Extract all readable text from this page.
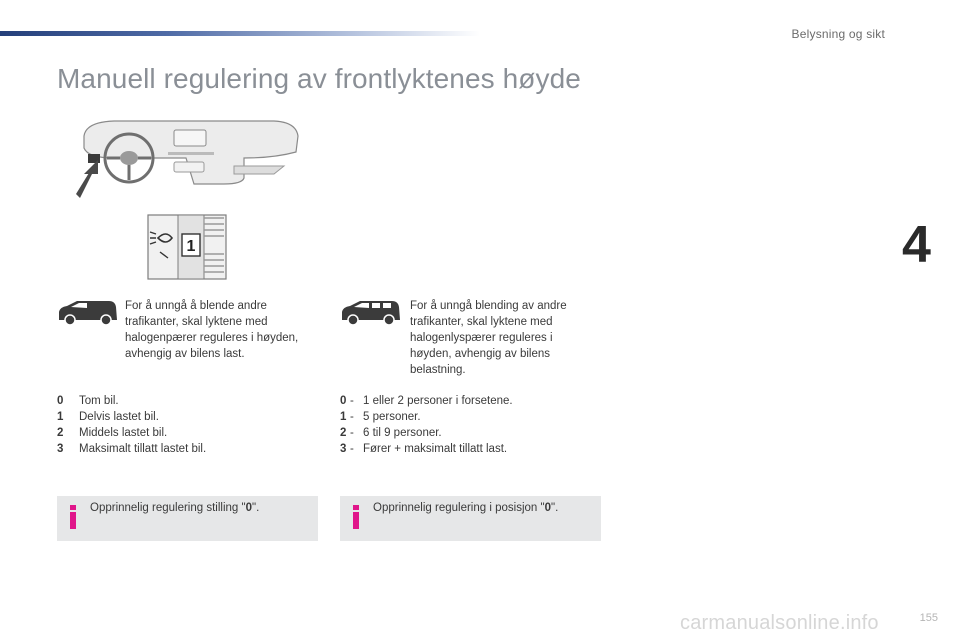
Belysning og sikt
Manuell regulering av frontlyktenes høyde
4
1
For å unngå å blende andre trafikanter, skal lyktene med halogenpærer reguleres i høyden, avhengig av bilens last.
For å unngå blending av andre trafikanter, skal lyktene med halogenlyspærer reguleres i høyden, avhengig av bilens belastning.
0	Tom bil.
1	Delvis lastet bil.
2	Middels lastet bil.
3	Maksimalt tillatt lastet bil.
0 - 1 eller 2 personer i forsetene.
1 - 5 personer.
2 - 6 til 9 personer.
3 - Fører + maksimalt tillatt last.
Opprinnelig regulering stilling "0".	Opprinnelig regulering i posisjon "0".
carmanualsonline.info	155
